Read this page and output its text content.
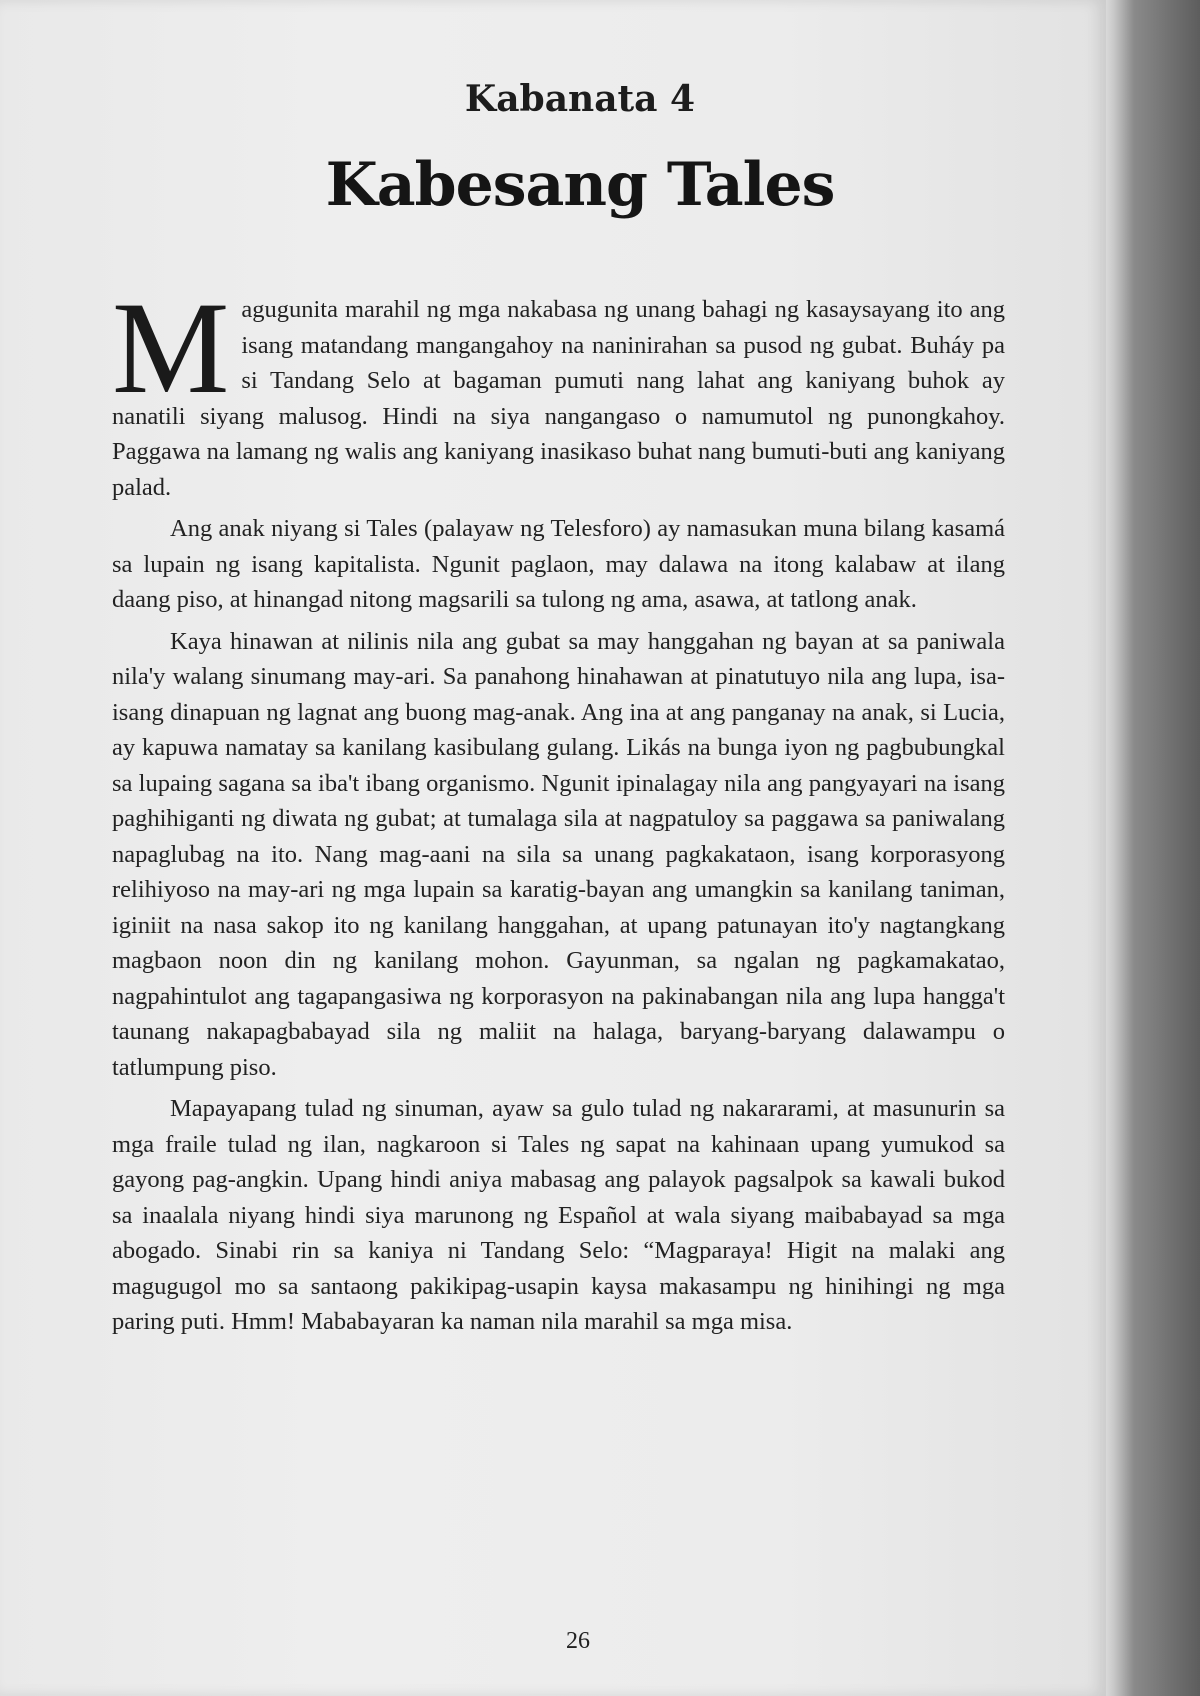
Kabanata 4
Kabesang Tales

Magugunita marahil ng mga nakabasa ng unang bahagi ng kasaysayang ito ang isang matandang mangangahoy na naninirahan sa pusod ng gubat. Buháy pa si Tandang Selo at bagaman pumuti nang lahat ang kaniyang buhok ay nanatili siyang malusog. Hindi na siya nangangaso o namumutol ng punongkahoy. Paggawa na lamang ng walis ang kaniyang inasikaso buhat nang bumuti-buti ang kaniyang palad.

Ang anak niyang si Tales (palayaw ng Telesforo) ay namasukan muna bilang kasamá sa lupain ng isang kapitalista. Ngunit paglaon, may dalawa na itong kalabaw at ilang daang piso, at hinangad nitong magsarili sa tulong ng ama, asawa, at tatlong anak.

Kaya hinawan at nilinis nila ang gubat sa may hanggahan ng bayan at sa paniwala nila'y walang sinumang may-ari. Sa panahong hinahawan at pinatutuyo nila ang lupa, isa-isang dinapuan ng lagnat ang buong mag-anak. Ang ina at ang panganay na anak, si Lucia, ay kapuwa namatay sa kanilang kasibulang gulang. Likás na bunga iyon ng pagbubungkal sa lupaing sagana sa iba't ibang organismo. Ngunit ipinalagay nila ang pangyayari na isang paghihiganti ng diwata ng gubat; at tumalaga sila at nagpatuloy sa paggawa sa paniwalang napaglubag na ito. Nang mag-aani na sila sa unang pagkakataon, isang korporasyong relihiyoso na may-ari ng mga lupain sa karatig-bayan ang umangkin sa kanilang taniman, iginiit na nasa sakop ito ng kanilang hanggahan, at upang patunayan ito'y nagtangkang magbaon noon din ng kanilang mohon. Gayunman, sa ngalan ng pagkamakatao, nagpahintulot ang tagapangasiwa ng korporasyon na pakinabangan nila ang lupa hangga't taunang nakapagbabayad sila ng maliit na halaga, baryang-baryang dalawampu o tatlumpung piso.

Mapayapang tulad ng sinuman, ayaw sa gulo tulad ng nakararami, at masunurin sa mga fraile tulad ng ilan, nagkaroon si Tales ng sapat na kahinaan upang yumukod sa gayong pag-angkin. Upang hindi aniya mabasag ang palayok pagsalpok sa kawali bukod sa inaalala niyang hindi siya marunong ng Español at wala siyang maibabayad sa mga abogado. Sinabi rin sa kaniya ni Tandang Selo: “Magparaya! Higit na malaki ang magugugol mo sa santaong pakikipag-usapin kaysa makasampu ng hinihingi ng mga paring puti. Hmm! Mababayaran ka naman nila marahil sa mga misa.

26
